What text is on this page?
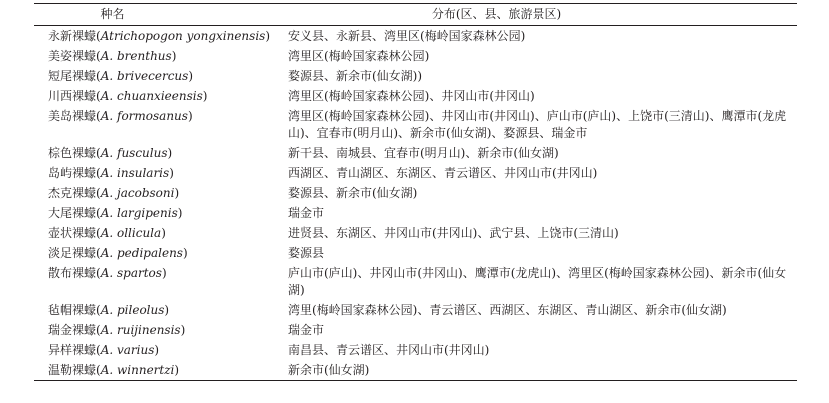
种名	分布(区、县、旅游景区)
永新裸蠓(Atrichopogon yongxinensis)	安义县、永新县、湾里区(梅岭国家森林公园)
美姿裸蠓(A. brenthus)	湾里区(梅岭国家森林公园)
短尾裸蠓(A. brivecercus)	婺源县、新余市(仙女湖))
川西裸蠓(A. chuanxieensis)	湾里区(梅岭国家森林公园)、井冈山市(井冈山)
美岛裸蠓(A. formosanus)	湾里区(梅岭国家森林公园)、井冈山市(井冈山)、庐山市(庐山)、上饶市(三清山)、鹰潭市(龙虎山)、宜春市(明月山)、新余市(仙女湖)、婺源县、瑞金市
棕色裸蠓(A. fusculus)	新干县、南城县、宜春市(明月山)、新余市(仙女湖)
岛屿裸蠓(A. insularis)	西湖区、青山湖区、东湖区、青云谱区、井冈山市(井冈山)
杰克裸蠓(A. jacobsoni)	婺源县、新余市(仙女湖)
大尾裸蠓(A. largipenis)	瑞金市
壶状裸蠓(A. ollicula)	进贤县、东湖区、井冈山市(井冈山)、武宁县、上饶市(三清山)
淡足裸蠓(A. pedipalens)	婺源县
散布裸蠓(A. spartos)	庐山市(庐山)、井冈山市(井冈山)、鹰潭市(龙虎山)、湾里区(梅岭国家森林公园)、新余市(仙女湖)
毡帽裸蠓(A. pileolus)	湾里(梅岭国家森林公园)、青云谱区、西湖区、东湖区、青山湖区、新余市(仙女湖)
瑞金裸蠓(A. ruijinensis)	瑞金市
异样裸蠓(A. varius)	南昌县、青云谱区、井冈山市(井冈山)
温勒裸蠓(A. winnertzi)	新余市(仙女湖)
